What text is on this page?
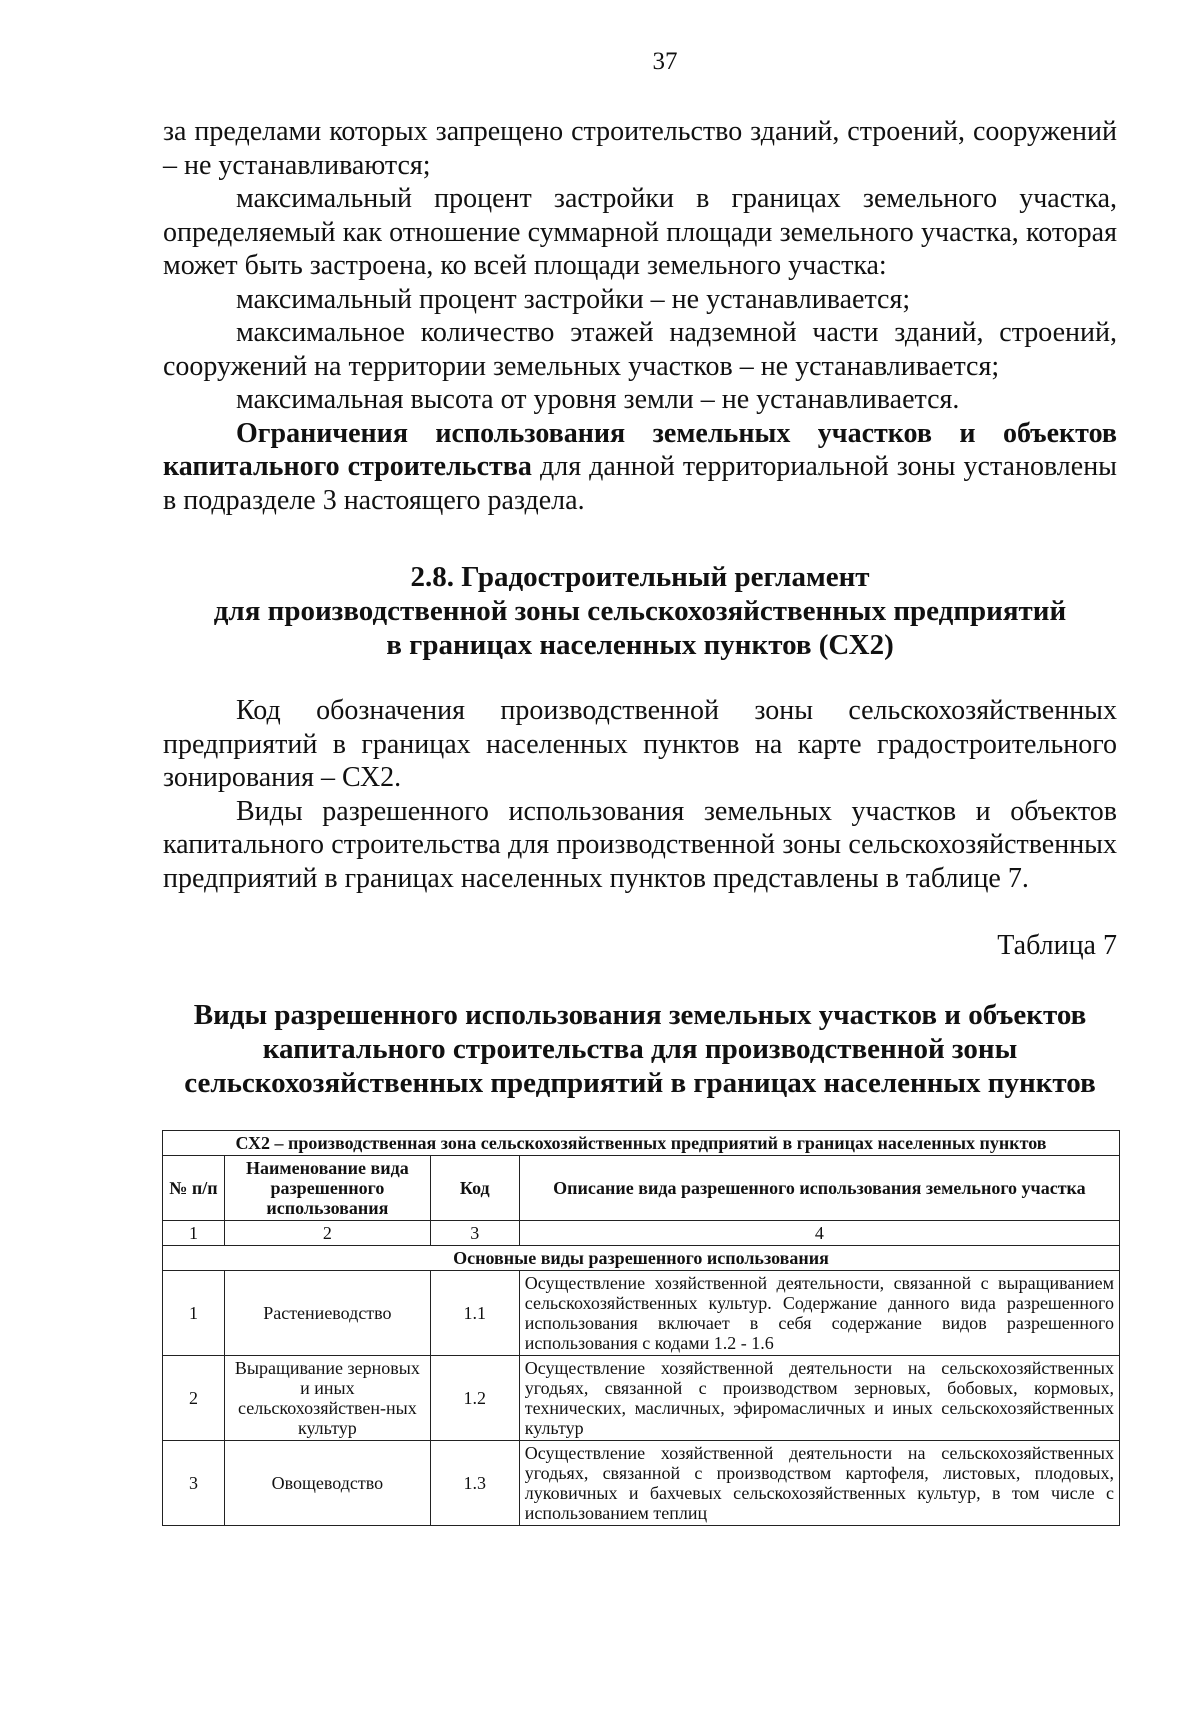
37

за пределами которых запрещено строительство зданий, строений, сооружений – не устанавливаются;

максимальный процент застройки в границах земельного участка, определяемый как отношение суммарной площади земельного участка, которая может быть застроена, ко всей площади земельного участка:

максимальный процент застройки – не устанавливается;

максимальное количество этажей надземной части зданий, строений, сооружений на территории земельных участков – не устанавливается;

максимальная высота от уровня земли – не устанавливается.

Ограничения использования земельных участков и объектов капитального строительства для данной территориальной зоны установлены в подразделе 3 настоящего раздела.

2.8. Градостроительный регламент
для производственной зоны сельскохозяйственных предприятий
в границах населенных пунктов (СХ2)

Код обозначения производственной зоны сельскохозяйственных предприятий в границах населенных пунктов на карте градостроительного зонирования – СХ2.

Виды разрешенного использования земельных участков и объектов капитального строительства для производственной зоны сельскохозяйственных предприятий в границах населенных пунктов представлены в таблице 7.

Таблица 7
Виды разрешенного использования земельных участков и объектов
капитального строительства для производственной зоны
сельскохозяйственных предприятий в границах населенных пунктов
СХ2 – производственная зона сельскохозяйственных предприятий в границах населенных пунктов			
№ п/п	Наименование вида разрешенного использования	Код	Описание вида разрешенного использования земельного участка
1	2	3	4
Основные виды разрешенного использования			
1	Растениеводство	1.1	Осуществление хозяйственной деятельности, связанной с выращиванием сельскохозяйственных культур. Содержание данного вида разрешенного использования включает в себя содержание видов разрешенного использования с кодами 1.2 - 1.6
2	Выращивание зерновых и иных сельскохозяйствен-ных культур	1.2	Осуществление хозяйственной деятельности на сельскохозяйственных угодьях, связанной с производством зерновых, бобовых, кормовых, технических, масличных, эфиромасличных и иных сельскохозяйственных культур
3	Овощеводство	1.3	Осуществление хозяйственной деятельности на сельскохозяйственных угодьях, связанной с производством картофеля, листовых, плодовых, луковичных и бахчевых сельскохозяйственных культур, в том числе с использованием теплиц
